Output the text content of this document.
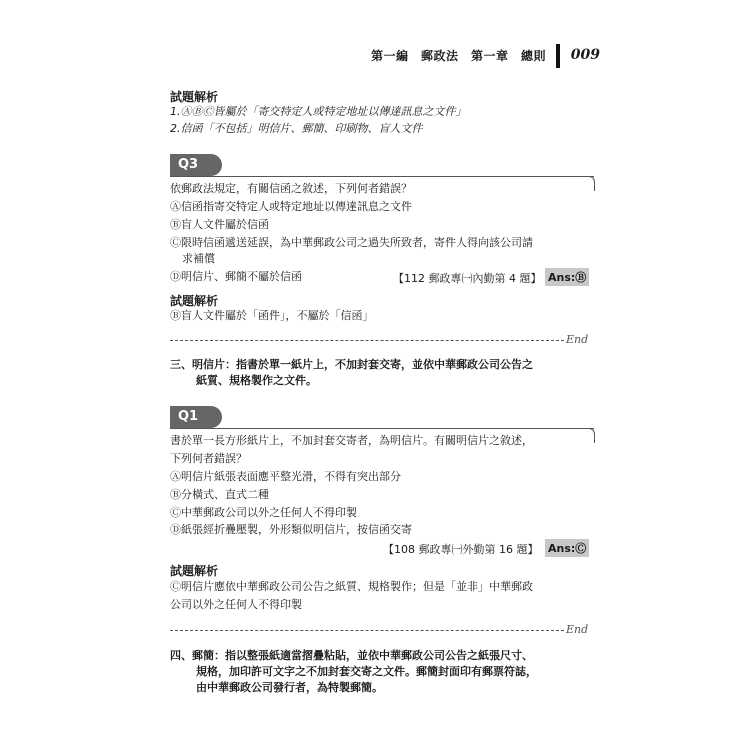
第一編　郵政法　第一章　總則 009
試題解析
1.ⒶⒷⒸ皆屬於「寄交特定人或特定地址以傳達訊息之文件」
2.信函「不包括」明信片、郵簡、印刷物、盲人文件
Q3
依郵政法規定，有關信函之敘述，下列何者錯誤？
Ⓐ信函指寄交特定人或特定地址以傳達訊息之文件
Ⓑ盲人文件屬於信函
Ⓒ限時信函遞送延誤，為中華郵政公司之過失所致者，寄件人得向該公司請
求補償
Ⓓ明信片、郵簡不屬於信函	【112 郵政專㈠內勤第 4 題】 Ans:Ⓑ
試題解析
Ⓑ盲人文件屬於「函件」，不屬於「信函」
End
三、明信片：指書於單一紙片上，不加封套交寄，並依中華郵政公司公告之
紙質、規格製作之文件。
Q1
書於單一長方形紙片上，不加封套交寄者，為明信片。有關明信片之敘述，
下列何者錯誤？
Ⓐ明信片紙張表面應平整光滑，不得有突出部分
Ⓑ分橫式、直式二種
Ⓒ中華郵政公司以外之任何人不得印製
Ⓓ紙張經折疊壓製，外形類似明信片，按信函交寄
【108 郵政專㈠外勤第 16 題】 Ans:Ⓒ
試題解析
Ⓒ明信片應依中華郵政公司公告之紙質、規格製作；但是「並非」中華郵政
公司以外之任何人不得印製
End
四、郵簡：指以整張紙適當摺疊粘貼，並依中華郵政公司公告之紙張尺寸、
規格，加印許可文字之不加封套交寄之文件。郵簡封面印有郵票符誌，
由中華郵政公司發行者，為特製郵簡。
